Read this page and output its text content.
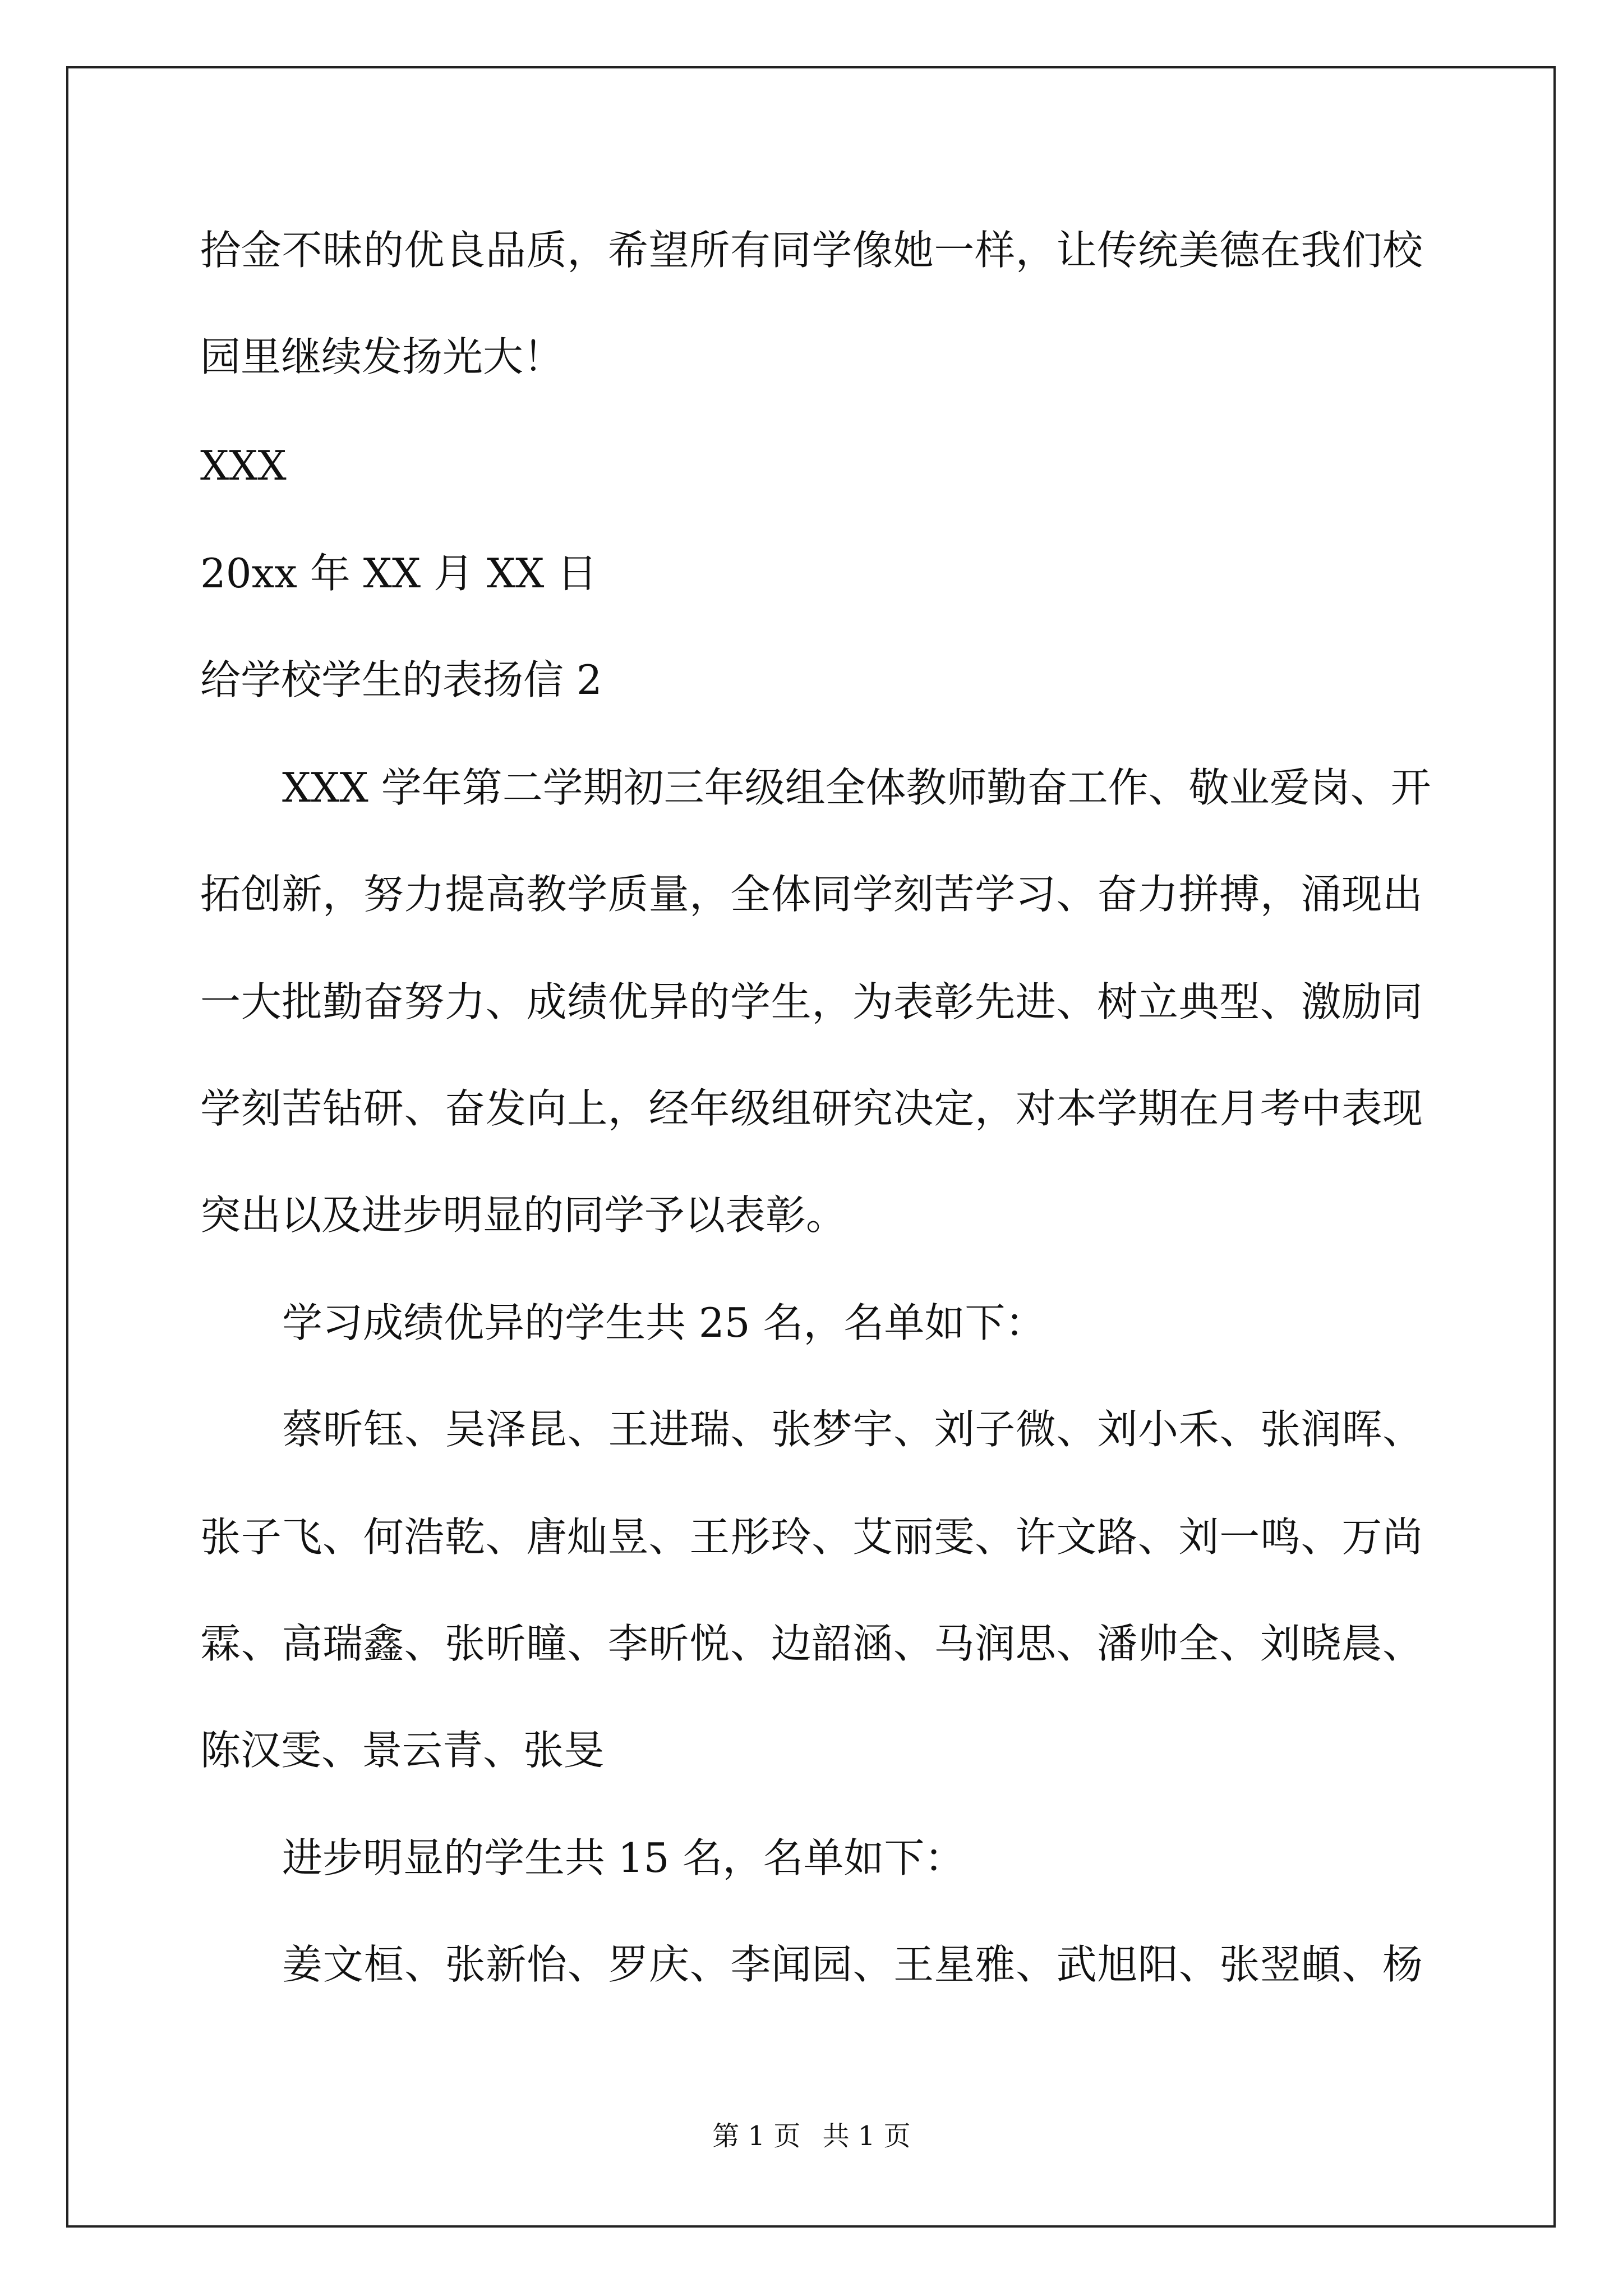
拾金不昧的优良品质，希望所有同学像她一样，让传统美德在我们校
园里继续发扬光大！
XXX
20xx 年 XX 月 XX 日
给学校学生的表扬信 2
XXX 学年第二学期初三年级组全体教师勤奋工作、敬业爱岗、开
拓创新，努力提高教学质量，全体同学刻苦学习、奋力拼搏，涌现出
一大批勤奋努力、成绩优异的学生，为表彰先进、树立典型、激励同
学刻苦钻研、奋发向上，经年级组研究决定，对本学期在月考中表现
突出以及进步明显的同学予以表彰。
学习成绩优异的学生共 25 名，名单如下：
蔡昕钰、吴泽昆、王进瑞、张梦宇、刘子微、刘小禾、张润晖、
张子飞、何浩乾、唐灿昱、王彤玲、艾丽雯、许文路、刘一鸣、万尚
霖、高瑞鑫、张昕瞳、李昕悦、边韶涵、马润思、潘帅全、刘晓晨、
陈汉雯、景云青、张旻
进步明显的学生共 15 名，名单如下：
姜文桓、张新怡、罗庆、李闻园、王星雅、武旭阳、张翌頔、杨
第 1 页 共 1 页
